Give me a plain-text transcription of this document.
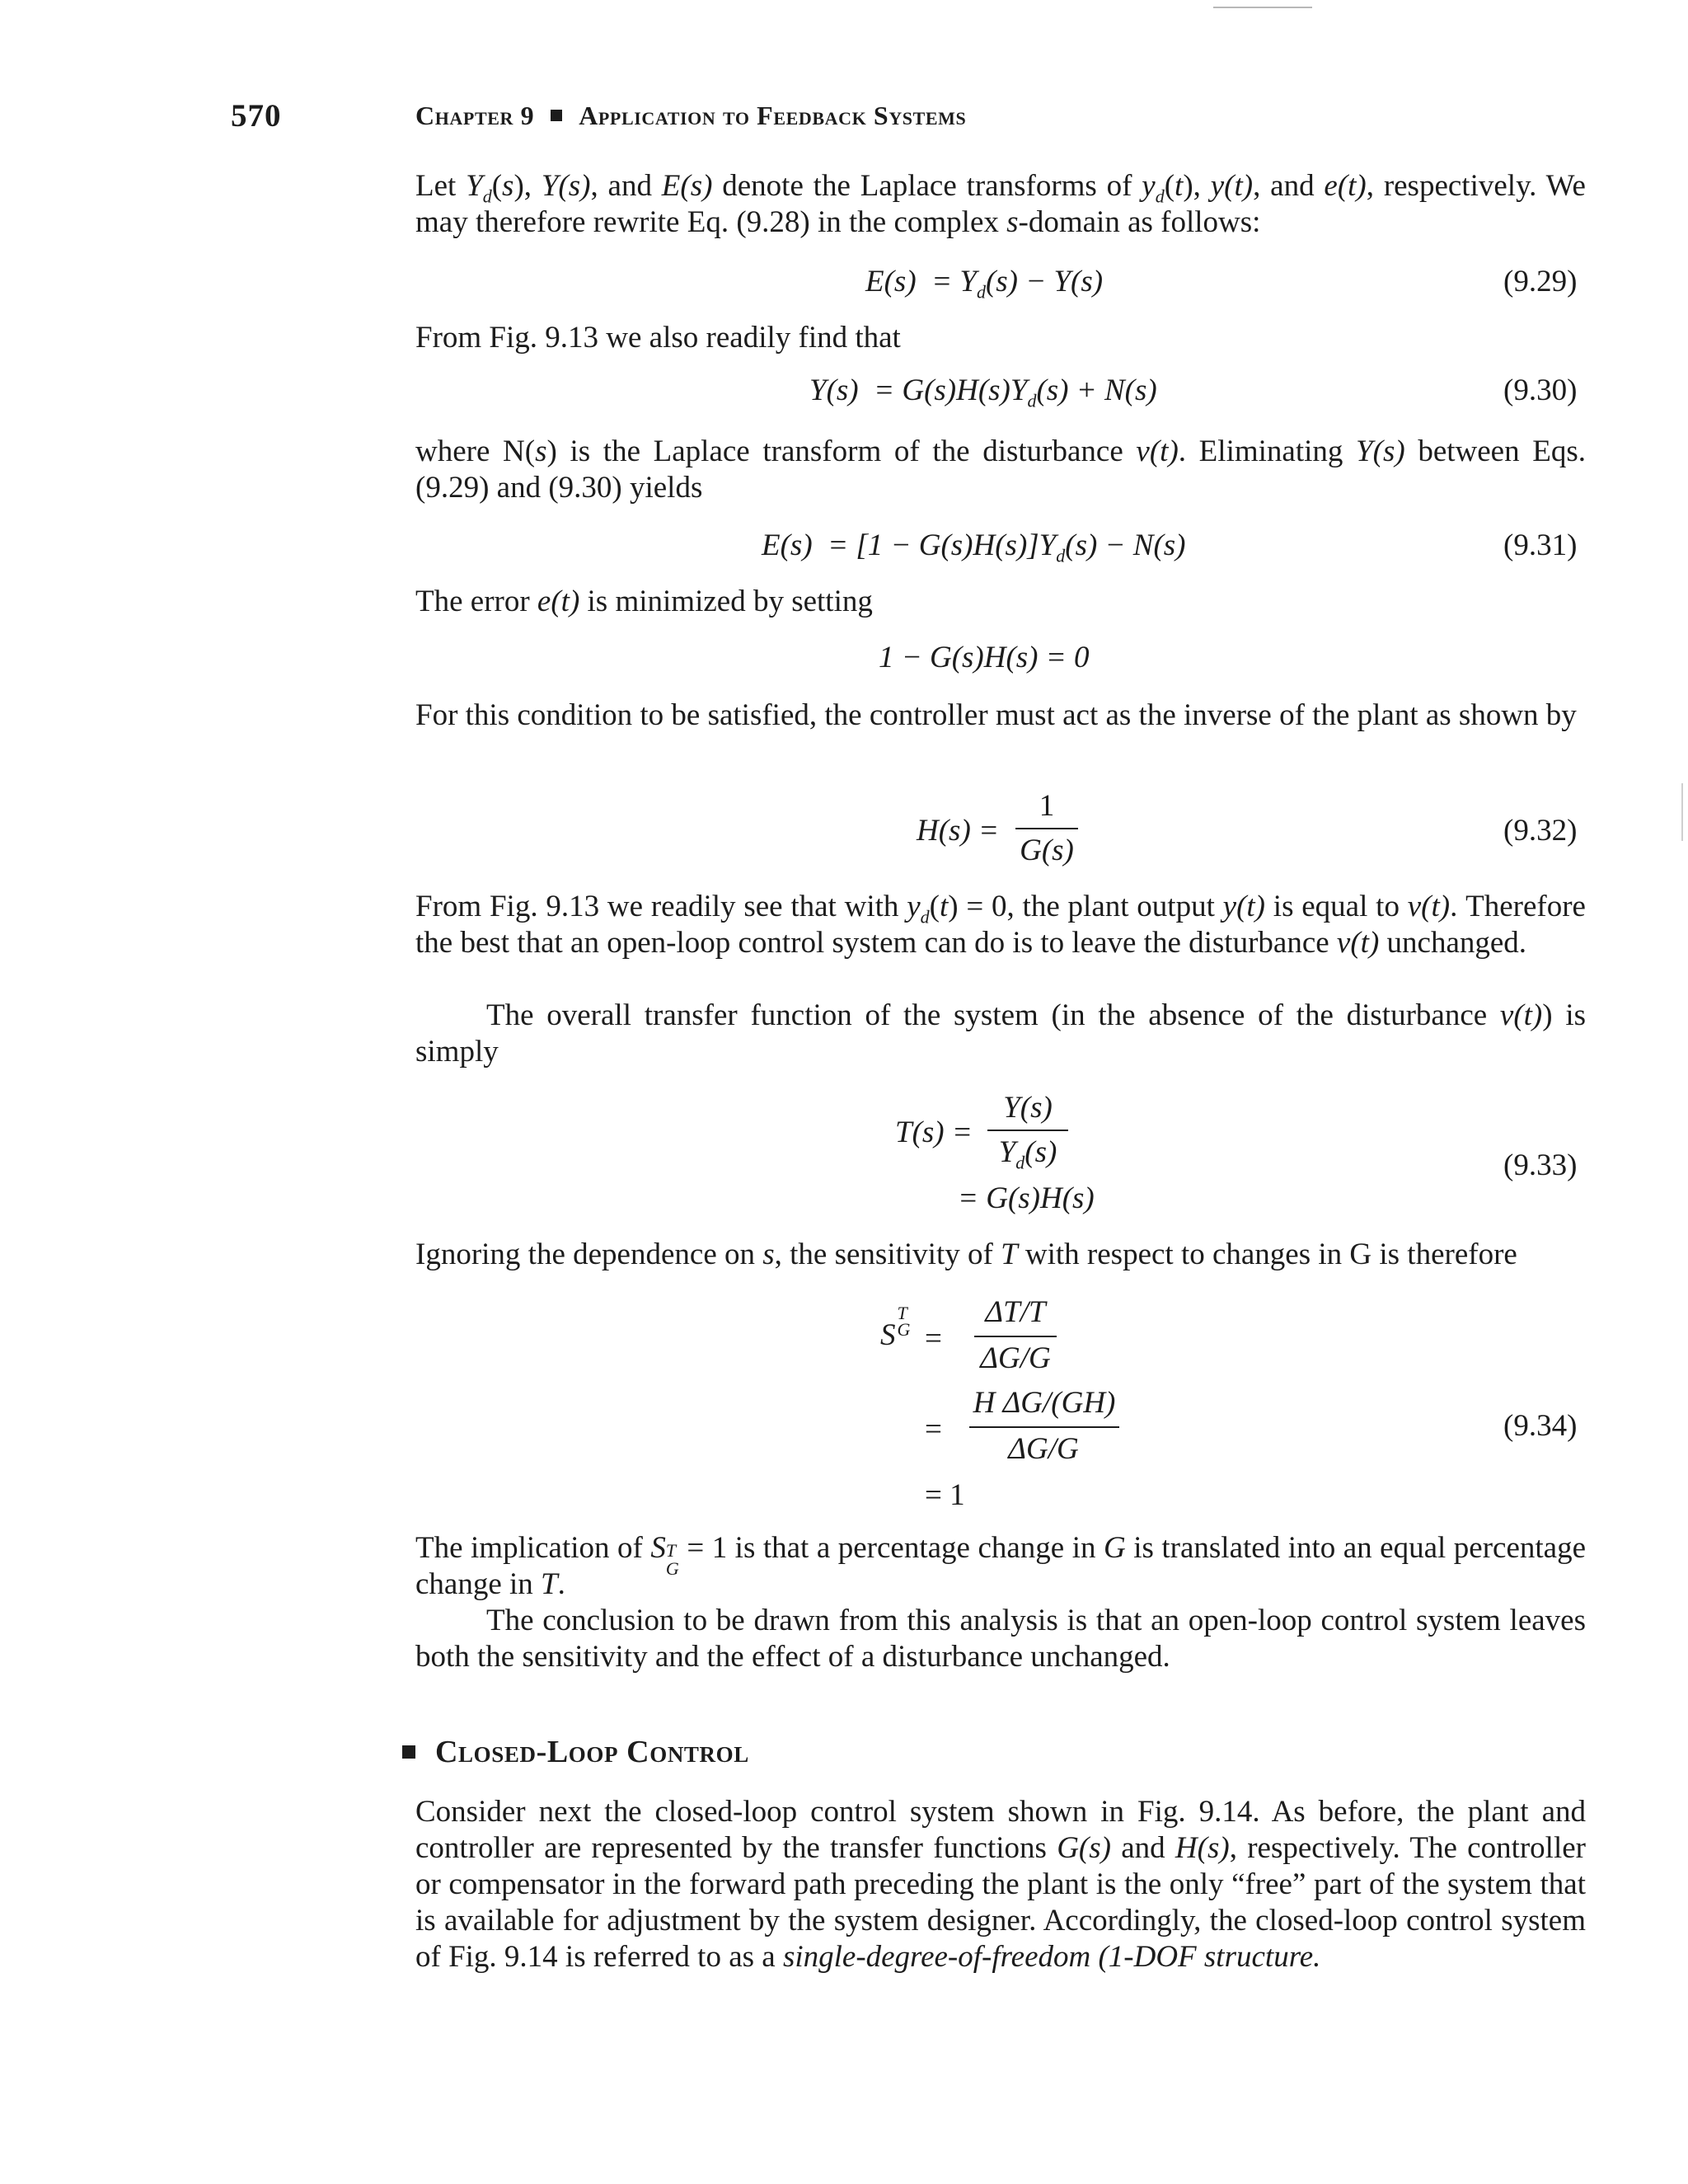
570	Chapter 9 Application to Feedback Systems
Let $Y_d(s)$, Y(s), and E(s) denote the Laplace transforms of $y_d(t)$, y(t), and e(t), respectively. We may therefore rewrite Eq. (9.28) in the complex s-domain as follows:
$E(s) = Y_d(s) - Y(s)$	(9.29)
From Fig. 9.13 we also readily find that
$Y(s) = G(s)H(s)Y_d(s) + N(s)$	(9.30)
where N(s) is the Laplace transform of the disturbance ν(t). Eliminating Y(s) between Eqs. (9.29) and (9.30) yields
$E(s) = [1 - G(s)H(s)]Y_d(s) - N(s)$	(9.31)
The error e(t) is minimized by setting
1 − G(s)H(s) = 0
For this condition to be satisfied, the controller must act as the inverse of the plant as shown by
H(s) =
1
G(s)
(9.32)
From Fig. 9.13 we readily see that with $y_d(t) = 0$, the plant output y(t) is equal to ν(t). Therefore the best that an open-loop control system can do is to leave the disturbance ν(t) unchanged.
The overall transfer function of the system (in the absence of the disturbance ν(t)) is simply
T(s) =
Y(s)
$Y_d(s)$
= G(s)H(s)
(9.33)
Ignoring the dependence on s, the sensitivity of T with respect to changes in G is therefore
S
T
G =
ΔT/T
ΔG/G
=
H ΔG/(GH)
ΔG/G
= 1
(9.34)
The implication of S T
G
= 1 is that a percentage change in G is translated into an equal percentage change in T.
The conclusion to be drawn from this analysis is that an open-loop control system leaves both the sensitivity and the effect of a disturbance unchanged.
Closed-Loop Control
Consider next the closed-loop control system shown in Fig. 9.14. As before, the plant and controller are represented by the transfer functions G(s) and H(s), respectively. The controller or compensator in the forward path preceding the plant is the only “free” part of the system that is available for adjustment by the system designer. Accordingly, the closed-loop control system of Fig. 9.14 is referred to as a single-degree-of-freedom (1-DOF structure.
